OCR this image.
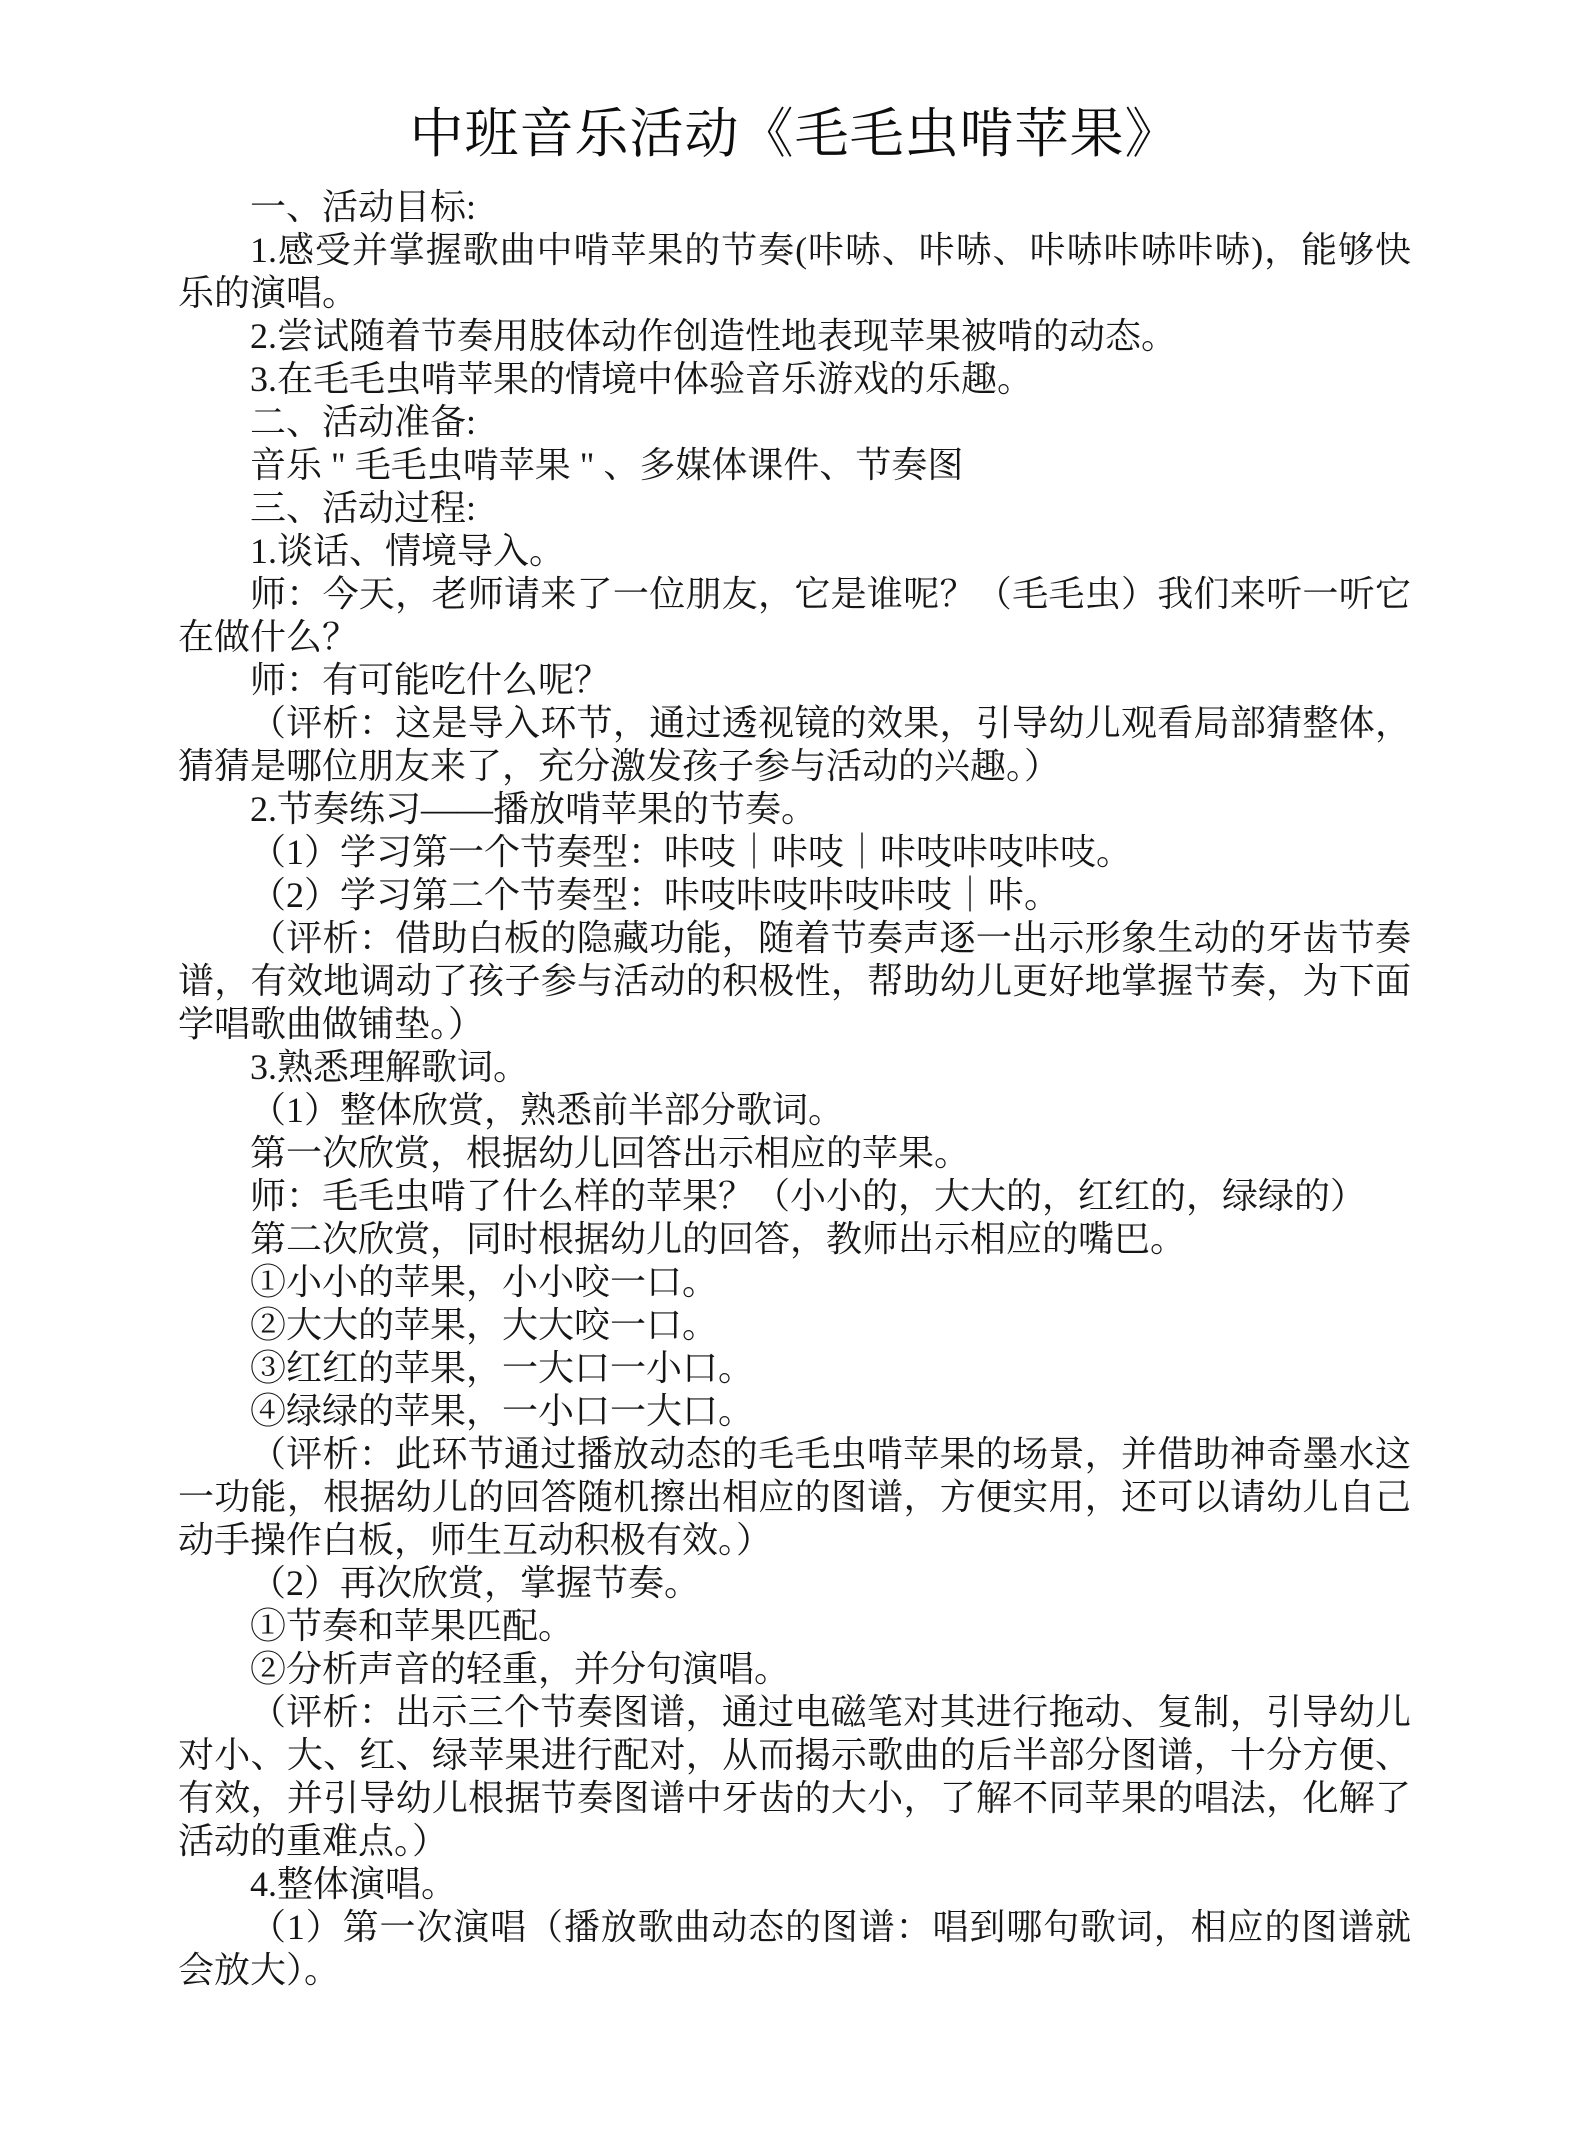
中班音乐活动《毛毛虫啃苹果》

一、活动目标:

1.感受并掌握歌曲中啃苹果的节奏(咔哧、咔哧、咔哧咔哧咔哧)，能够快乐的演唱。

2.尝试随着节奏用肢体动作创造性地表现苹果被啃的动态。

3.在毛毛虫啃苹果的情境中体验音乐游戏的乐趣。

二、活动准备:

音乐 " 毛毛虫啃苹果 " 、多媒体课件、节奏图

三、活动过程:

1.谈话、情境导入。

师：今天，老师请来了一位朋友，它是谁呢？（毛毛虫）我们来听一听它在做什么？

师：有可能吃什么呢？

（评析：这是导入环节，通过透视镜的效果，引导幼儿观看局部猜整体，猜猜是哪位朋友来了，充分激发孩子参与活动的兴趣。）

2.节奏练习——播放啃苹果的节奏。

（1）学习第一个节奏型：咔吱｜咔吱｜咔吱咔吱咔吱。

（2）学习第二个节奏型：咔吱咔吱咔吱咔吱｜咔。

（评析：借助白板的隐藏功能，随着节奏声逐一出示形象生动的牙齿节奏谱，有效地调动了孩子参与活动的积极性，帮助幼儿更好地掌握节奏，为下面学唱歌曲做铺垫。）

3.熟悉理解歌词。

（1）整体欣赏，熟悉前半部分歌词。

第一次欣赏，根据幼儿回答出示相应的苹果。

师：毛毛虫啃了什么样的苹果？（小小的，大大的，红红的，绿绿的）

第二次欣赏，同时根据幼儿的回答，教师出示相应的嘴巴。

①小小的苹果，小小咬一口。

②大大的苹果，大大咬一口。

③红红的苹果，一大口一小口。

④绿绿的苹果，一小口一大口。

（评析：此环节通过播放动态的毛毛虫啃苹果的场景，并借助神奇墨水这一功能，根据幼儿的回答随机擦出相应的图谱，方便实用，还可以请幼儿自己动手操作白板，师生互动积极有效。）

（2）再次欣赏，掌握节奏。

①节奏和苹果匹配。

②分析声音的轻重，并分句演唱。

（评析：出示三个节奏图谱，通过电磁笔对其进行拖动、复制，引导幼儿对小、大、红、绿苹果进行配对，从而揭示歌曲的后半部分图谱，十分方便、有效，并引导幼儿根据节奏图谱中牙齿的大小，了解不同苹果的唱法，化解了活动的重难点。）

4.整体演唱。

（1）第一次演唱（播放歌曲动态的图谱：唱到哪句歌词，相应的图谱就会放大）。
